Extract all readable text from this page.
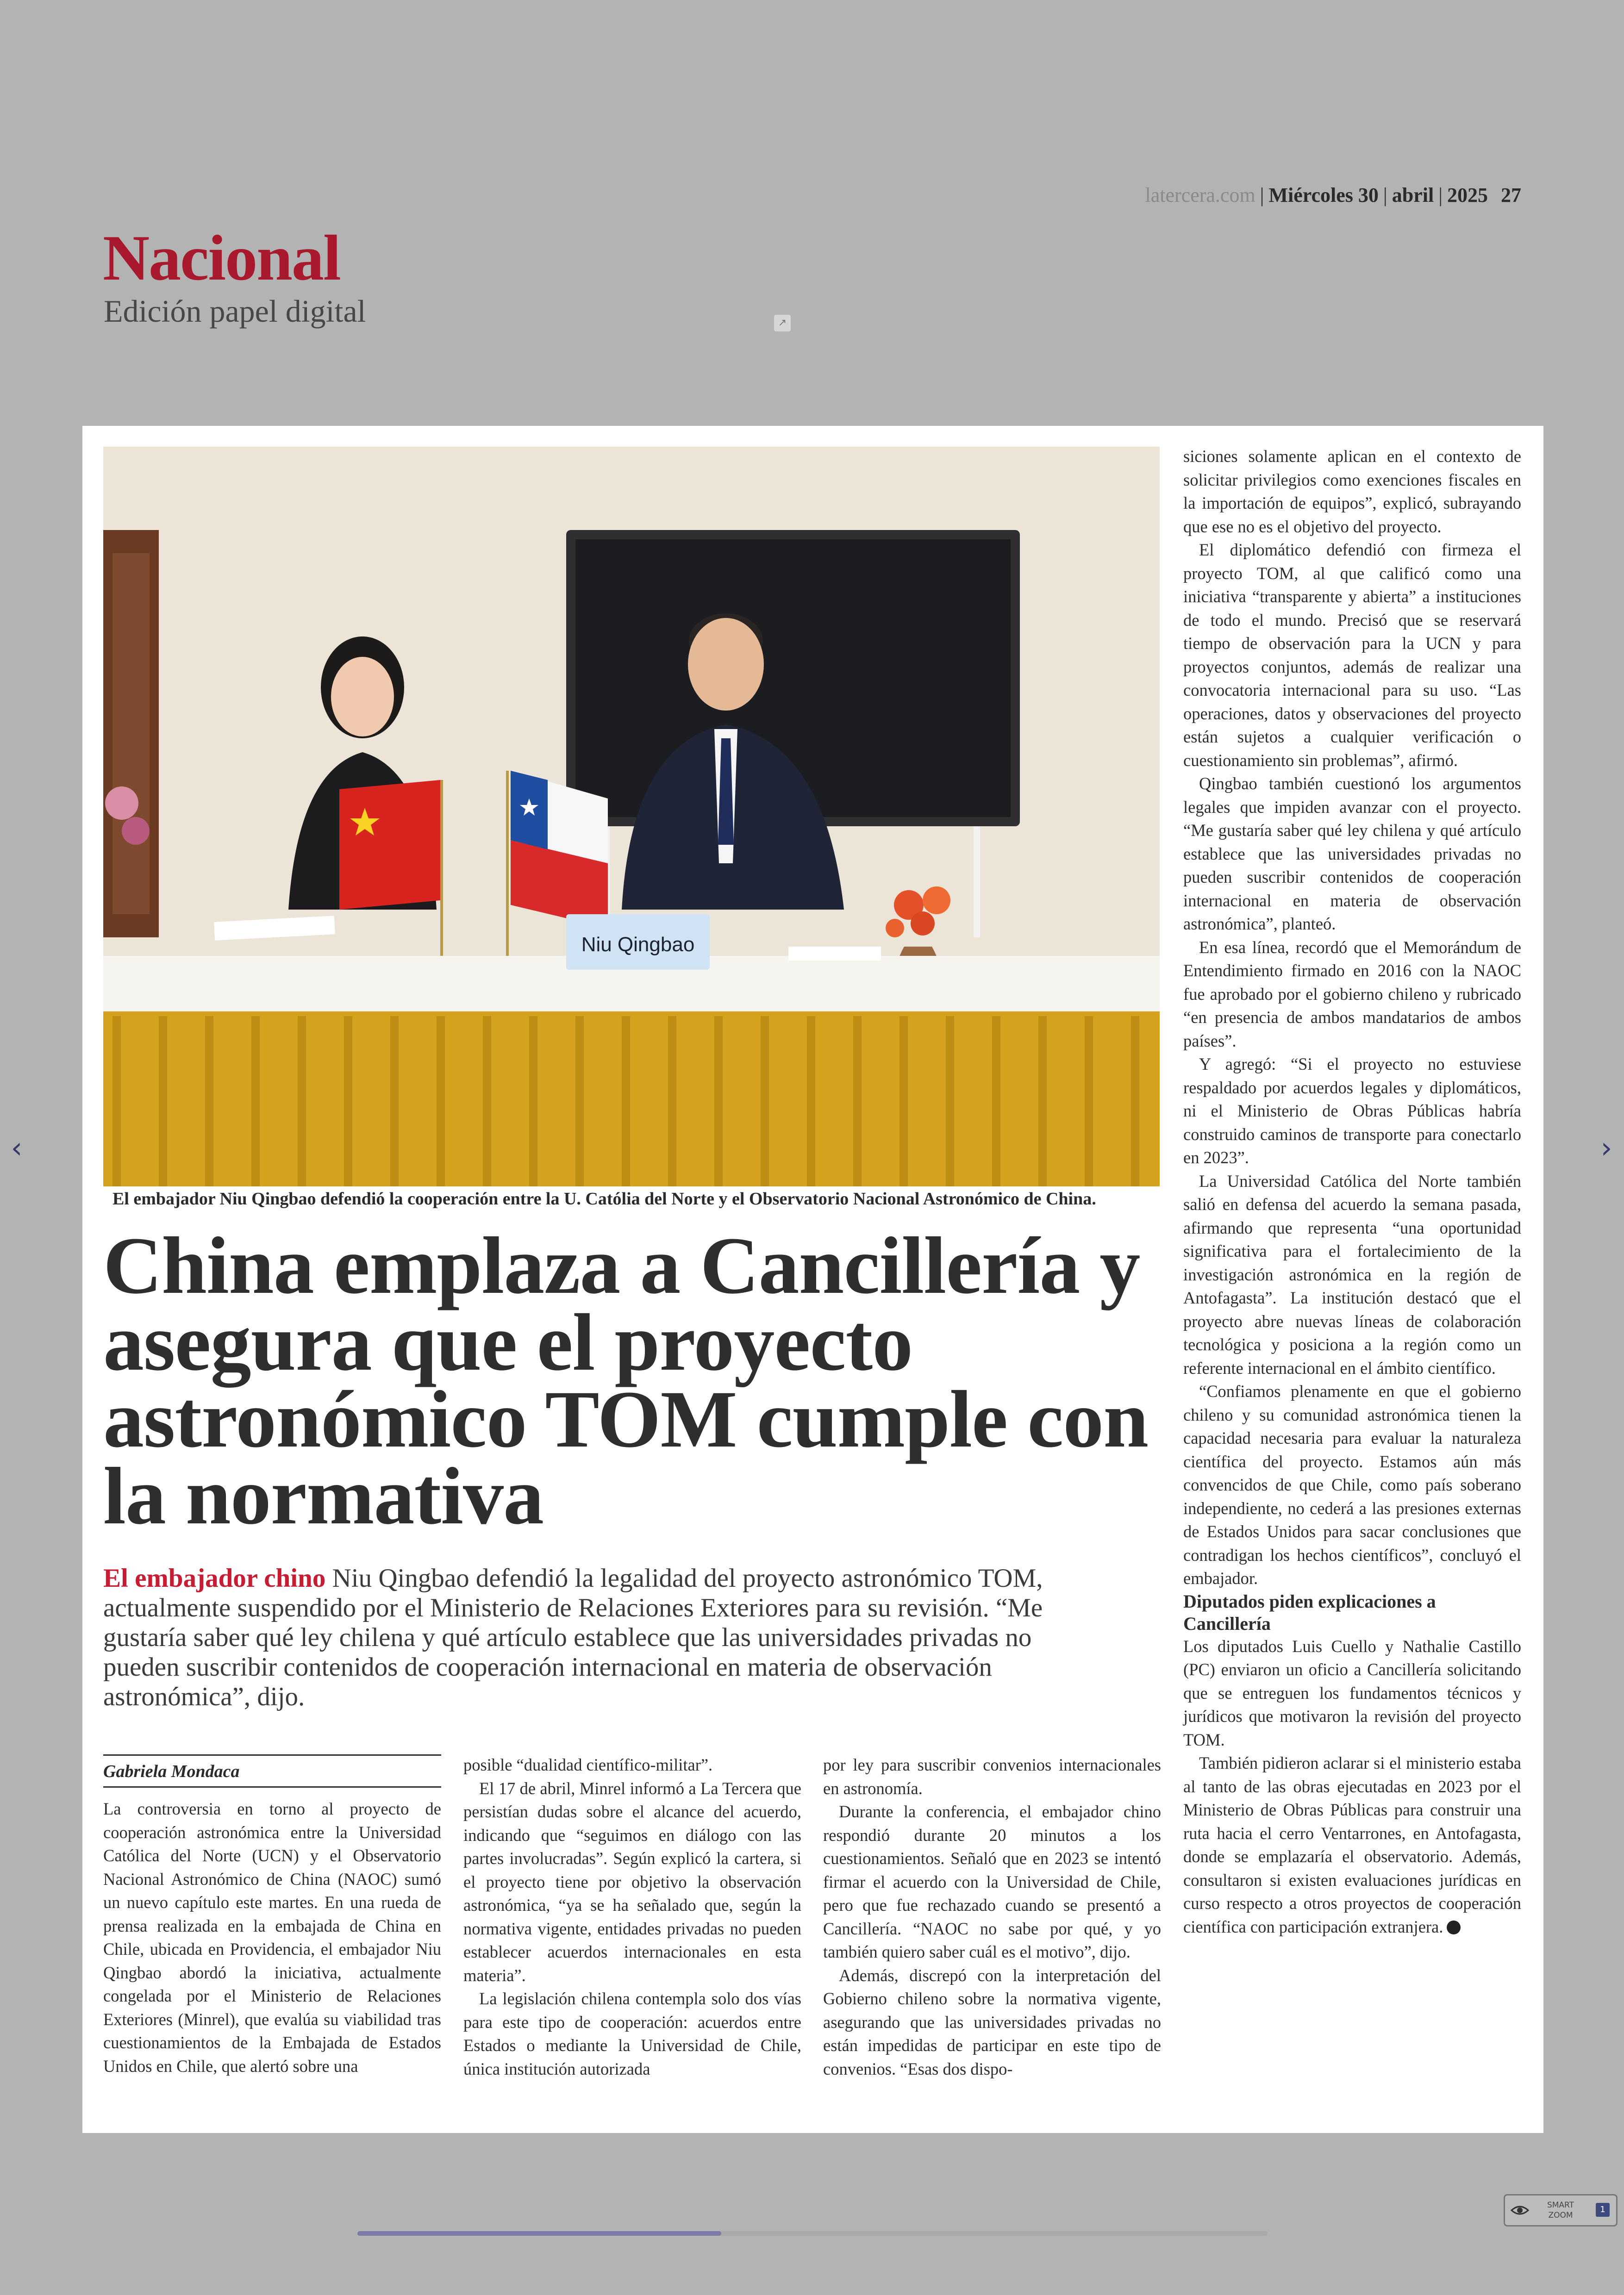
latercera.com | Miércoles 30 | abril | 2025 27
Nacional
Edición papel digital	↗
Niu Qingbao
El embajador Niu Qingbao defendió la cooperación entre la U. Católia del Norte y el Observatorio Nacional Astronómico de China.
China emplaza a Cancillería y asegura que el proyecto astronómico TOM cumple con la normativa

El embajador chino Niu Qingbao defendió la legalidad del proyecto astronómico TOM, actualmente suspendido por el Ministerio de Relaciones Exteriores para su revisión. “Me gustaría saber qué ley chilena y qué artículo establece que las universidades privadas no pueden suscribir contenidos de cooperación internacional en materia de observación astronómica”, dijo.

Gabriela Mondaca

La controversia en torno al proyecto de cooperación astronómica entre la Universidad Católica del Norte (UCN) y el Observatorio Nacional Astronómico de China (NAOC) sumó un nuevo capítulo este martes. En una rueda de prensa realizada en la embajada de China en Chile, ubicada en Providencia, el embajador Niu Qingbao abordó la iniciativa, actualmente congelada por el Ministerio de Relaciones Exteriores (Minrel), que evalúa su viabilidad tras cuestionamientos de la Embajada de Estados Unidos en Chile, que alertó sobre una

posible “dualidad científico-militar”.

El 17 de abril, Minrel informó a La Tercera que persistían dudas sobre el alcance del acuerdo, indicando que “seguimos en diálogo con las partes involucradas”. Según explicó la cartera, si el proyecto tiene por objetivo la observación astronómica, “ya se ha señalado que, según la normativa vigente, entidades privadas no pueden establecer acuerdos internacionales en esta materia”.

La legislación chilena contempla solo dos vías para este tipo de cooperación: acuerdos entre Estados o mediante la Universidad de Chile, única institución autorizada

por ley para suscribir convenios internacionales en astronomía.

Durante la conferencia, el embajador chino respondió durante 20 minutos a los cuestionamientos. Señaló que en 2023 se intentó firmar el acuerdo con la Universidad de Chile, pero que fue rechazado cuando se presentó a Cancillería. “NAOC no sabe por qué, y yo también quiero saber cuál es el motivo”, dijo.

Además, discrepó con la interpretación del Gobierno chileno sobre la normativa vigente, asegurando que las universidades privadas no están impedidas de participar en este tipo de convenios. “Esas dos dispo-

siciones solamente aplican en el contexto de solicitar privilegios como exenciones fiscales en la importación de equipos”, explicó, subrayando que ese no es el objetivo del proyecto.

El diplomático defendió con firmeza el proyecto TOM, al que calificó como una iniciativa “transparente y abierta” a instituciones de todo el mundo. Precisó que se reservará tiempo de observación para la UCN y para proyectos conjuntos, además de realizar una convocatoria internacional para su uso. “Las operaciones, datos y observaciones del proyecto están sujetos a cualquier verificación o cuestionamiento sin problemas”, afirmó.

Qingbao también cuestionó los argumentos legales que impiden avanzar con el proyecto. “Me gustaría saber qué ley chilena y qué artículo establece que las universidades privadas no pueden suscribir contenidos de cooperación internacional en materia de observación astronómica”, planteó.

En esa línea, recordó que el Memorándum de Entendimiento firmado en 2016 con la NAOC fue aprobado por el gobierno chileno y rubricado “en presencia de ambos mandatarios de ambos países”.

Y agregó: “Si el proyecto no estuviese respaldado por acuerdos legales y diplomáticos, ni el Ministerio de Obras Públicas habría construido caminos de transporte para conectarlo en 2023”.

La Universidad Católica del Norte también salió en defensa del acuerdo la semana pasada, afirmando que representa “una oportunidad significativa para el fortalecimiento de la investigación astronómica en la región de Antofagasta”. La institución destacó que el proyecto abre nuevas líneas de colaboración tecnológica y posiciona a la región como un referente internacional en el ámbito científico.

“Confiamos plenamente en que el gobierno chileno y su comunidad astronómica tienen la capacidad necesaria para evaluar la naturaleza científica del proyecto. Estamos aún más convencidos de que Chile, como país soberano independiente, no cederá a las presiones externas de Estados Unidos para sacar conclusiones que contradigan los hechos científicos”, concluyó el embajador.

Diputados piden explicaciones a Cancillería

Los diputados Luis Cuello y Nathalie Castillo (PC) enviaron un oficio a Cancillería solicitando que se entreguen los fundamentos técnicos y jurídicos que motivaron la revisión del proyecto TOM.

También pidieron aclarar si el ministerio estaba al tanto de las obras ejecutadas en 2023 por el Ministerio de Obras Públicas para construir una ruta hacia el cerro Ventarrones, en Antofagasta, donde se emplazaría el observatorio. Además, consultaron si existen evaluaciones jurídicas en curso respecto a otros proyectos de cooperación científica con participación extranjera.

‹	›
SMART
ZOOM
1
